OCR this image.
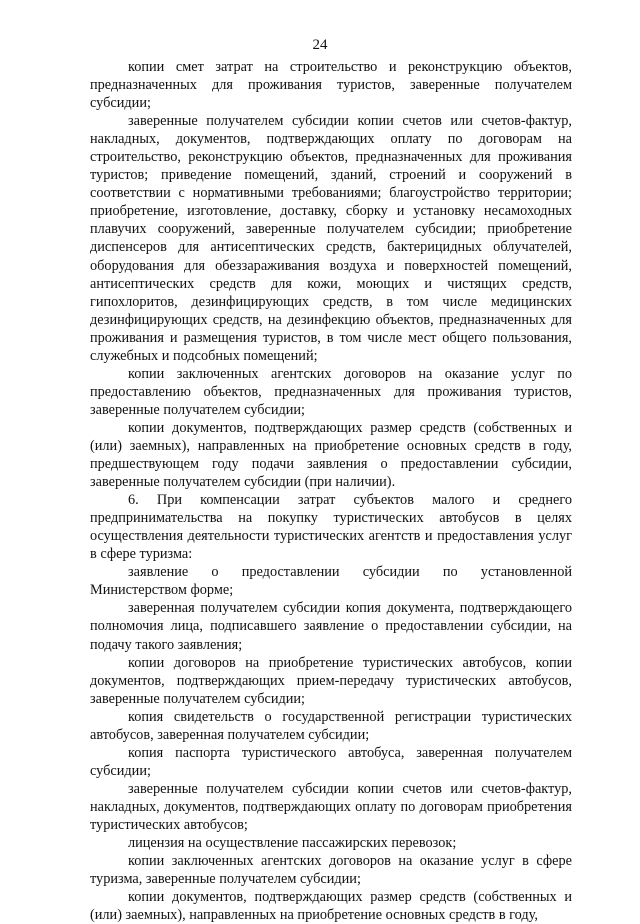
24

копии смет затрат на строительство и реконструкцию объектов, предназначенных для проживания туристов, заверенные получателем субсидии;

заверенные получателем субсидии копии счетов или счетов-фактур, накладных, документов, подтверждающих оплату по договорам на строительство, реконструкцию объектов, предназначенных для проживания туристов; приведение помещений, зданий, строений и сооружений в соответствии с нормативными требованиями; благоустройство территории; приобретение, изготовление, доставку, сборку и установку несамоходных плавучих сооружений, заверенные получателем субсидии; приобретение диспенсеров для антисептических средств, бактерицидных облучателей, оборудования для обеззараживания воздуха и поверхностей помещений, антисептических средств для кожи, моющих и чистящих средств, гипохлоритов, дезинфицирующих средств, в том числе медицинских дезинфицирующих средств, на дезинфекцию объектов, предназначенных для проживания и размещения туристов, в том числе мест общего пользования, служебных и подсобных помещений;

копии заключенных агентских договоров на оказание услуг по предоставлению объектов, предназначенных для проживания туристов, заверенные получателем субсидии;

копии документов, подтверждающих размер средств (собственных и (или) заемных), направленных на приобретение основных средств в году, предшествующем году подачи заявления о предоставлении субсидии, заверенные получателем субсидии (при наличии).

6. При компенсации затрат субъектов малого и среднего предпринимательства на покупку туристических автобусов в целях осуществления деятельности туристических агентств и предоставления услуг в сфере туризма:

заявление о предоставлении субсидии по установленной Министерством форме;

заверенная получателем субсидии копия документа, подтверждающего полномочия лица, подписавшего заявление о предоставлении субсидии, на подачу такого заявления;

копии договоров на приобретение туристических автобусов, копии документов, подтверждающих прием-передачу туристических автобусов, заверенные получателем субсидии;

копия свидетельств о государственной регистрации туристических автобусов, заверенная получателем субсидии;

копия паспорта туристического автобуса, заверенная получателем субсидии;

заверенные получателем субсидии копии счетов или счетов-фактур, накладных, документов, подтверждающих оплату по договорам приобретения туристических автобусов;

лицензия на осуществление пассажирских перевозок;

копии заключенных агентских договоров на оказание услуг в сфере туризма, заверенные получателем субсидии;

копии документов, подтверждающих размер средств (собственных и (или) заемных), направленных на приобретение основных средств в году,
